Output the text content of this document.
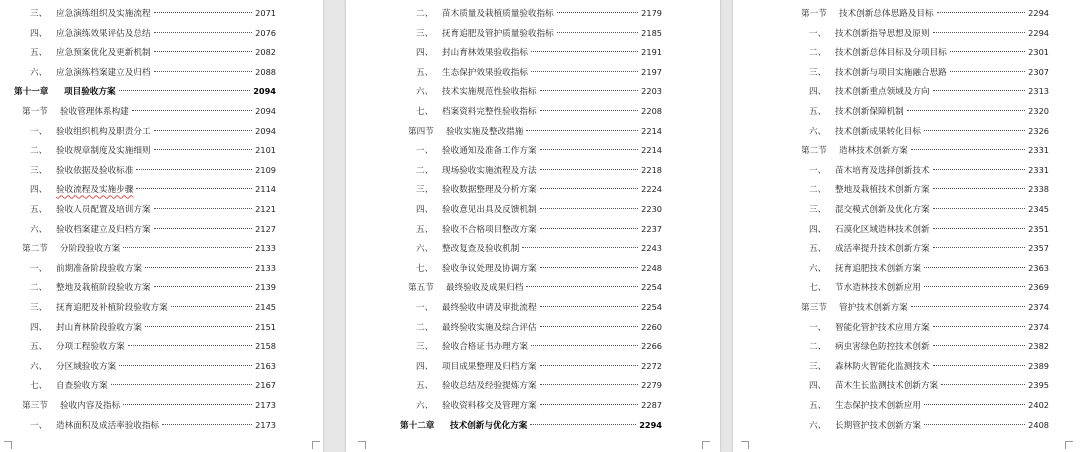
三、	应急演练组织及实施流程	2071
四、	应急演练效果评估及总结	2076
五、	应急预案优化及更新机制	2082
六、	应急演练档案建立及归档	2088
第十一章	项目验收方案	2094
第一节	验收管理体系构建	2094
一、	验收组织机构及职责分工	2094
二、	验收规章制度及实施细则	2101
三、	验收依据及验收标准	2109
四、	验收流程及实施步骤	2114
五、	验收人员配置及培训方案	2121
六、	验收档案建立及归档方案	2127
第二节	分阶段验收方案	2133
一、	前期准备阶段验收方案	2133
二、	整地及栽植阶段验收方案	2139
三、	抚育追肥及补植阶段验收方案	2145
四、	封山育林阶段验收方案	2151
五、	分项工程验收方案	2158
六、	分区域验收方案	2163
七、	自查验收方案	2167
第三节	验收内容及指标	2173
一、	造林面积及成活率验收指标	2173
二、	苗木质量及栽植质量验收指标	2179
三、	抚育追肥及管护质量验收指标	2185
四、	封山育林效果验收指标	2191
五、	生态保护效果验收指标	2197
六、	技术实施规范性验收指标	2203
七、	档案资料完整性验收指标	2208
第四节	验收实施及整改措施	2214
一、	验收通知及准备工作方案	2214
二、	现场验收实施流程及方法	2218
三、	验收数据整理及分析方案	2224
四、	验收意见出具及反馈机制	2230
五、	验收不合格项目整改方案	2237
六、	整改复查及验收机制	2243
七、	验收争议处理及协调方案	2248
第五节	最终验收及成果归档	2254
一、	最终验收申请及审批流程	2254
二、	最终验收实施及综合评估	2260
三、	验收合格证书办理方案	2266
四、	项目成果整理及归档方案	2272
五、	验收总结及经验提炼方案	2279
六、	验收资料移交及管理方案	2287
第十二章	技术创新与优化方案	2294
第一节	技术创新总体思路及目标	2294
一、	技术创新指导思想及原则	2294
二、	技术创新总体目标及分项目标	2301
三、	技术创新与项目实施融合思路	2307
四、	技术创新重点领域及方向	2313
五、	技术创新保障机制	2320
六、	技术创新成果转化目标	2326
第二节	造林技术创新方案	2331
一、	苗木培育及选择创新技术	2331
二、	整地及栽植技术创新方案	2338
三、	混交模式创新及优化方案	2345
四、	石漠化区域造林技术创新	2351
五、	成活率提升技术创新方案	2357
六、	抚育追肥技术创新方案	2363
七、	节水造林技术创新应用	2369
第三节	管护技术创新方案	2374
一、	智能化管护技术应用方案	2374
二、	病虫害绿色防控技术创新	2382
三、	森林防火智能化监测技术	2389
四、	苗木生长监测技术创新方案	2395
五、	生态保护技术创新应用	2402
六、	长期管护技术创新方案	2408
